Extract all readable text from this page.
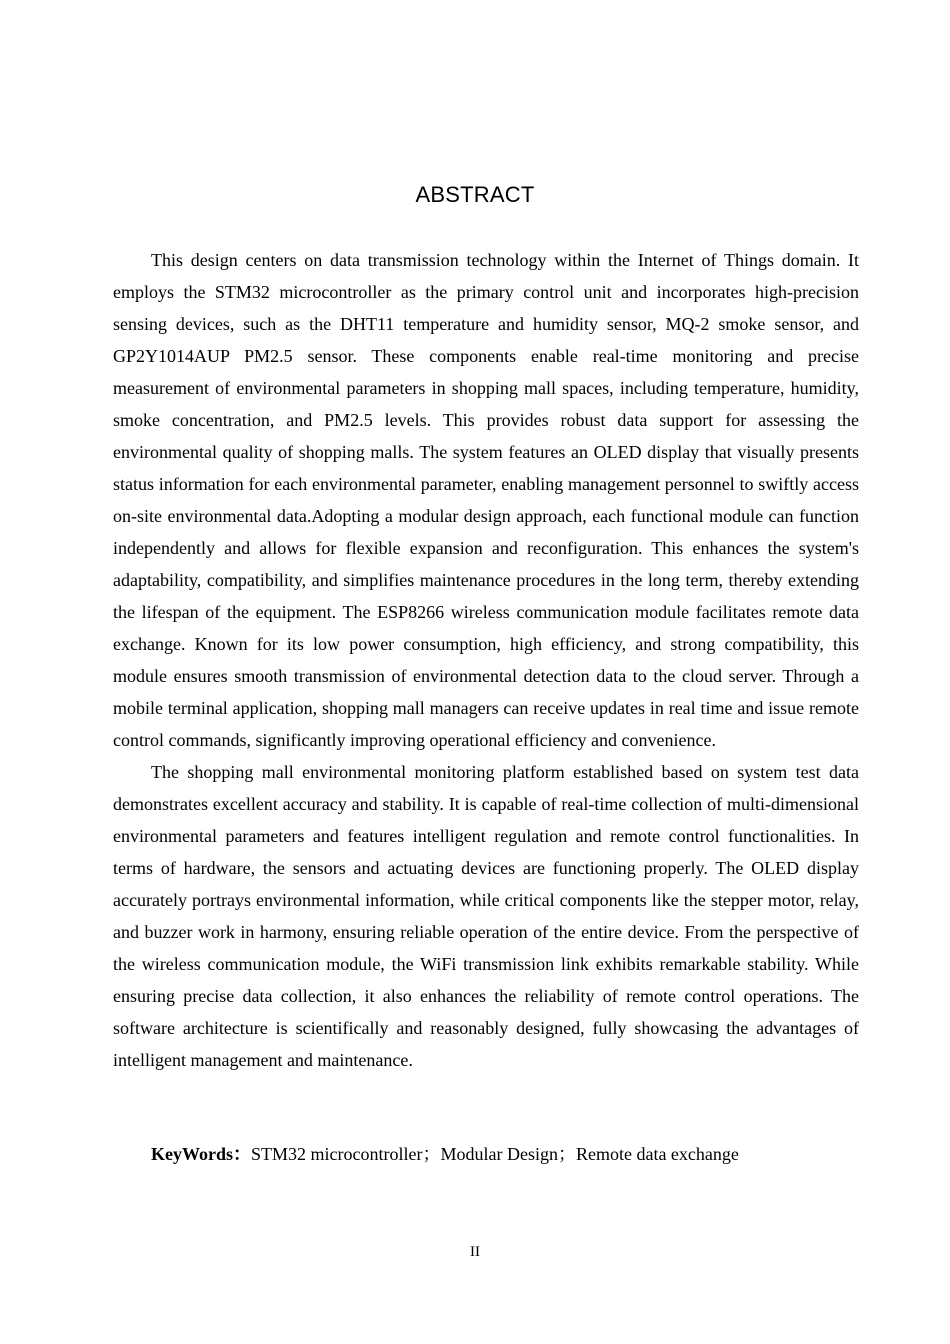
ABSTRACT

This design centers on data transmission technology within the Internet of Things domain. It employs the STM32 microcontroller as the primary control unit and incorporates high-precision sensing devices, such as the DHT11 temperature and humidity sensor, MQ-2 smoke sensor, and GP2Y1014AUP PM2.5 sensor. These components enable real-time monitoring and precise measurement of environmental parameters in shopping mall spaces, including temperature, humidity, smoke concentration, and PM2.5 levels. This provides robust data support for assessing the environmental quality of shopping malls. The system features an OLED display that visually presents status information for each environmental parameter, enabling management personnel to swiftly access on-site environmental data.Adopting a modular design approach, each functional module can function independently and allows for flexible expansion and reconfiguration. This enhances the system's adaptability, compatibility, and simplifies maintenance procedures in the long term, thereby extending the lifespan of the equipment. The ESP8266 wireless communication module facilitates remote data exchange. Known for its low power consumption, high efficiency, and strong compatibility, this module ensures smooth transmission of environmental detection data to the cloud server. Through a mobile terminal application, shopping mall managers can receive updates in real time and issue remote control commands, significantly improving operational efficiency and convenience.

The shopping mall environmental monitoring platform established based on system test data demonstrates excellent accuracy and stability. It is capable of real-time collection of multi-dimensional environmental parameters and features intelligent regulation and remote control functionalities. In terms of hardware, the sensors and actuating devices are functioning properly. The OLED display accurately portrays environmental information, while critical components like the stepper motor, relay, and buzzer work in harmony, ensuring reliable operation of the entire device. From the perspective of the wireless communication module, the WiFi transmission link exhibits remarkable stability. While ensuring precise data collection, it also enhances the reliability of remote control operations. The software architecture is scientifically and reasonably designed, fully showcasing the advantages of intelligent management and maintenance.

KeyWords：STM32 microcontroller；Modular Design；Remote data exchange
II
